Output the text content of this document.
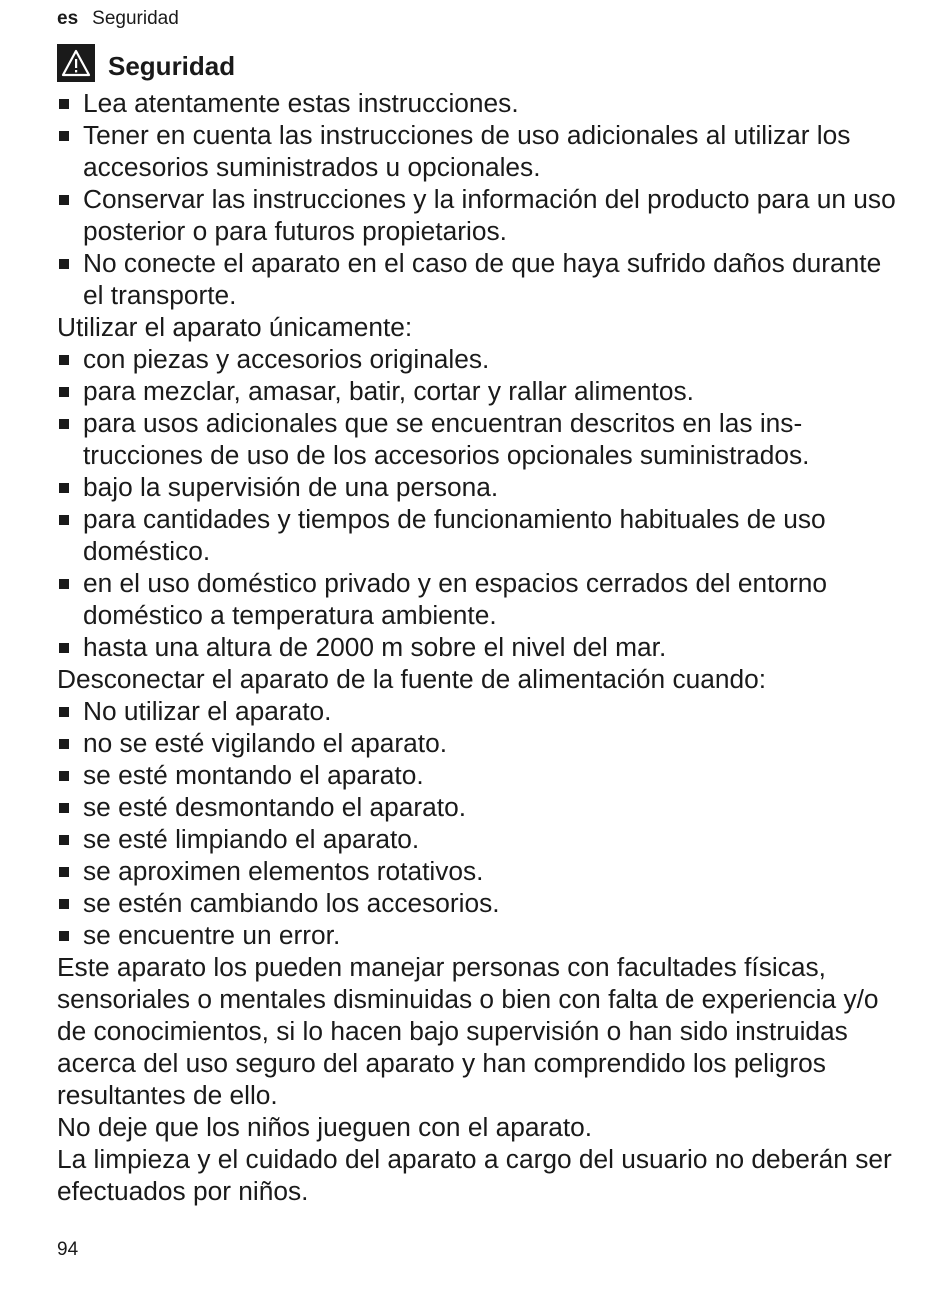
es Seguridad
Seguridad
Lea atentamente estas instrucciones.
Tener en cuenta las instrucciones de uso adicionales al utilizar los accesorios suministrados u opcionales.
Conservar las instrucciones y la información del producto para un uso posterior o para futuros propietarios.
No conecte el aparato en el caso de que haya sufrido daños durante el transporte.

Utilizar el aparato únicamente:

con piezas y accesorios originales.
para mezclar, amasar, batir, cortar y rallar alimentos.
para usos adicionales que se encuentran descritos en las instrucciones de uso de los accesorios opcionales suministrados.
bajo la supervisión de una persona.
para cantidades y tiempos de funcionamiento habituales de uso doméstico.
en el uso doméstico privado y en espacios cerrados del entorno doméstico a temperatura ambiente.
hasta una altura de 2000 m sobre el nivel del mar.

Desconectar el aparato de la fuente de alimentación cuando:

No utilizar el aparato.
no se esté vigilando el aparato.
se esté montando el aparato.
se esté desmontando el aparato.
se esté limpiando el aparato.
se aproximen elementos rotativos.
se estén cambiando los accesorios.
se encuentre un error.

Este aparato los pueden manejar personas con facultades físicas, sensoriales o mentales disminuidas o bien con falta de experiencia y/o de conocimientos, si lo hacen bajo supervisión o han sido instruidas acerca del uso seguro del aparato y han comprendido los peligros resultantes de ello.

No deje que los niños jueguen con el aparato.

La limpieza y el cuidado del aparato a cargo del usuario no deberán ser efectuados por niños.

94
